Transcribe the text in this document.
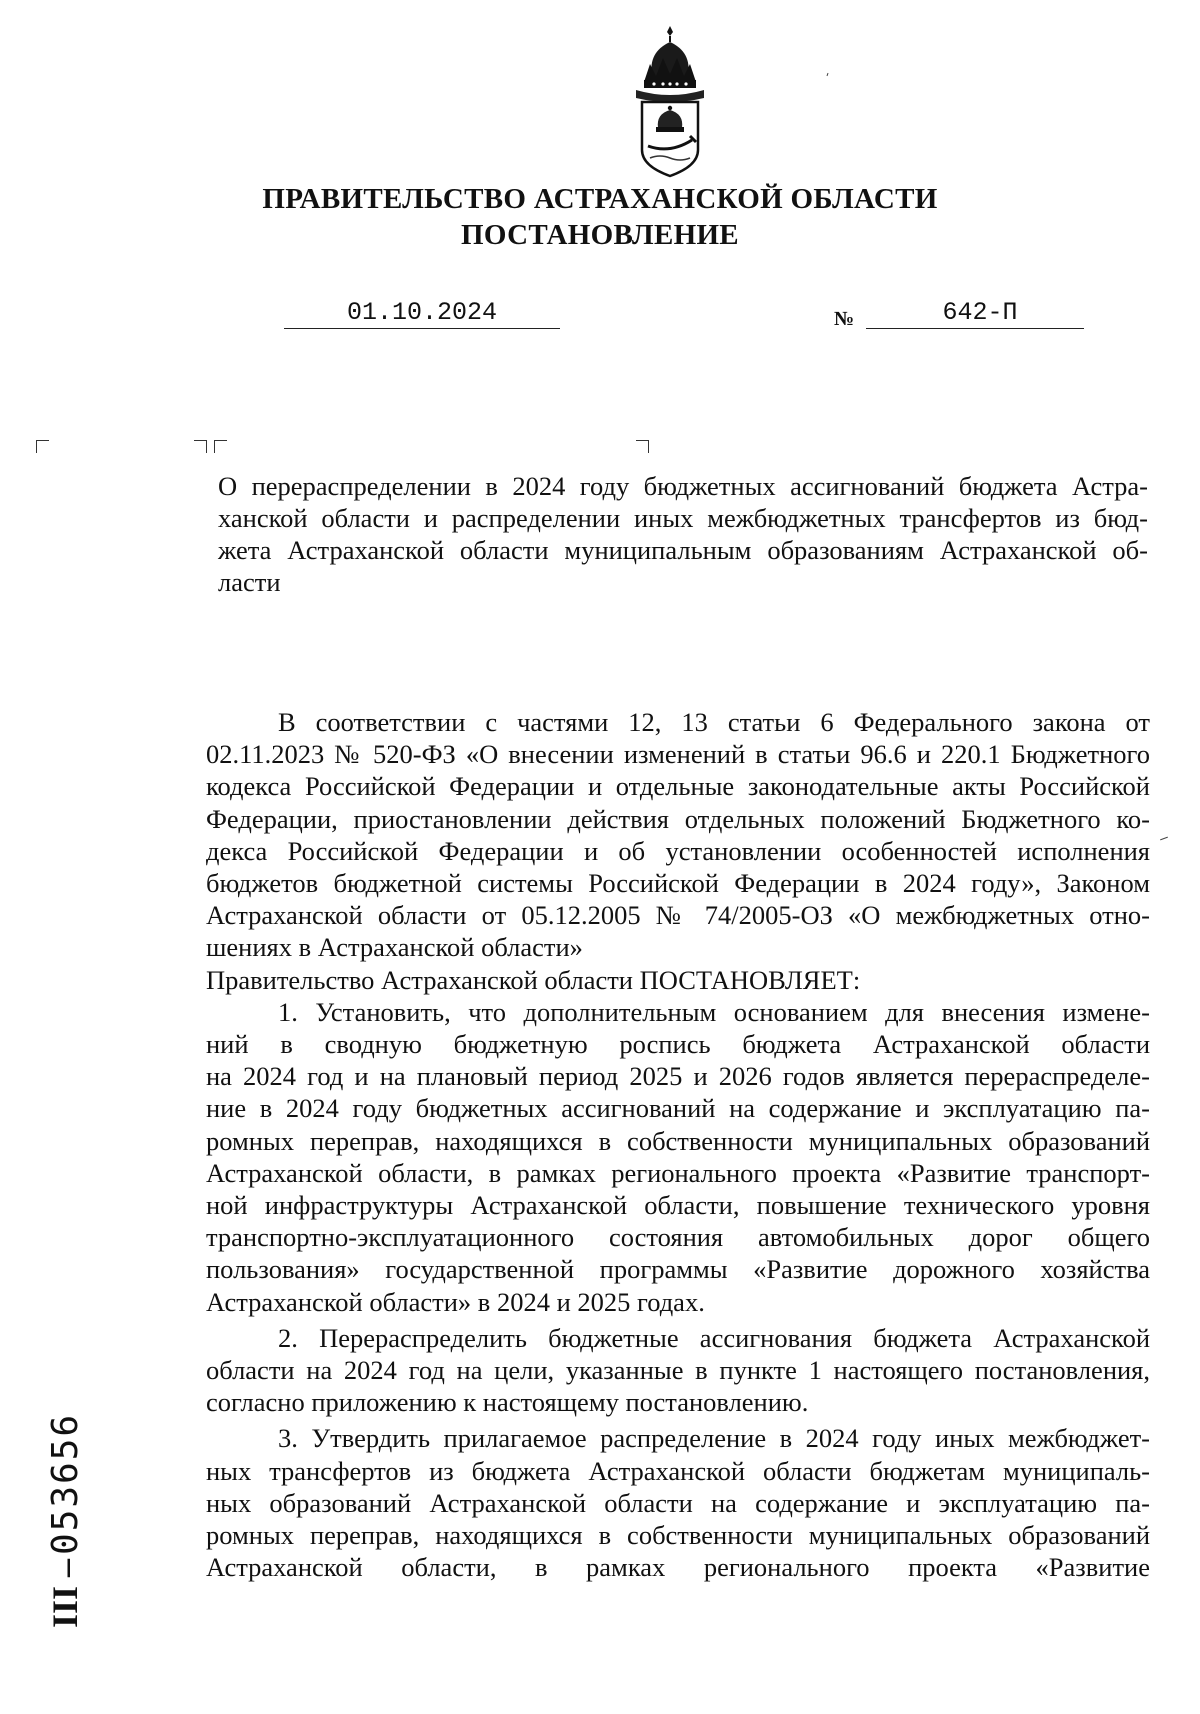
ПРАВИТЕЛЬСТВО АСТРАХАНСКОЙ ОБЛАСТИ
ПОСТАНОВЛЕНИЕ
01.10.2024	№	642-П
О перераспределении в 2024 году бюджетных ассигнований бюджета Астра-
ханской области и распределении иных межбюджетных трансфертов из бюд-
жета Астраханской области муниципальным образованиям Астраханской об-
ласти
В соответствии с частями 12, 13 статьи 6 Федерального закона от
02.11.2023 № 520-ФЗ «О внесении изменений в статьи 96.6 и 220.1 Бюджетного
кодекса Российской Федерации и отдельные законодательные акты Российской
Федерации, приостановлении действия отдельных положений Бюджетного ко-
декса Российской Федерации и об установлении особенностей исполнения
бюджетов бюджетной системы Российской Федерации в 2024 году», Законом
Астраханской области от 05.12.2005 № 74/2005-ОЗ «О межбюджетных отно-
шениях в Астраханской области»
Правительство Астраханской области ПОСТАНОВЛЯЕТ:
1. Установить, что дополнительным основанием для внесения измене-
ний в сводную бюджетную роспись бюджета Астраханской области
на 2024 год и на плановый период 2025 и 2026 годов является перераспределе-
ние в 2024 году бюджетных ассигнований на содержание и эксплуатацию па-
ромных переправ, находящихся в собственности муниципальных образований
Астраханской области, в рамках регионального проекта «Развитие транспорт-
ной инфраструктуры Астраханской области, повышение технического уровня
транспортно-эксплуатационного состояния автомобильных дорог общего
пользования» государственной программы «Развитие дорожного хозяйства
Астраханской области» в 2024 и 2025 годах.
2. Перераспределить бюджетные ассигнования бюджета Астраханской
области на 2024 год на цели, указанные в пункте 1 настоящего постановления,
согласно приложению к настоящему постановлению.
3. Утвердить прилагаемое распределение в 2024 году иных межбюджет-
ных трансфертов из бюджета Астраханской области бюджетам муниципаль-
ных образований Астраханской области на содержание и эксплуатацию па-
ромных переправ, находящихся в собственности муниципальных образований
Астраханской области, в рамках регионального проекта «Развитие
ІІІ – 053656
